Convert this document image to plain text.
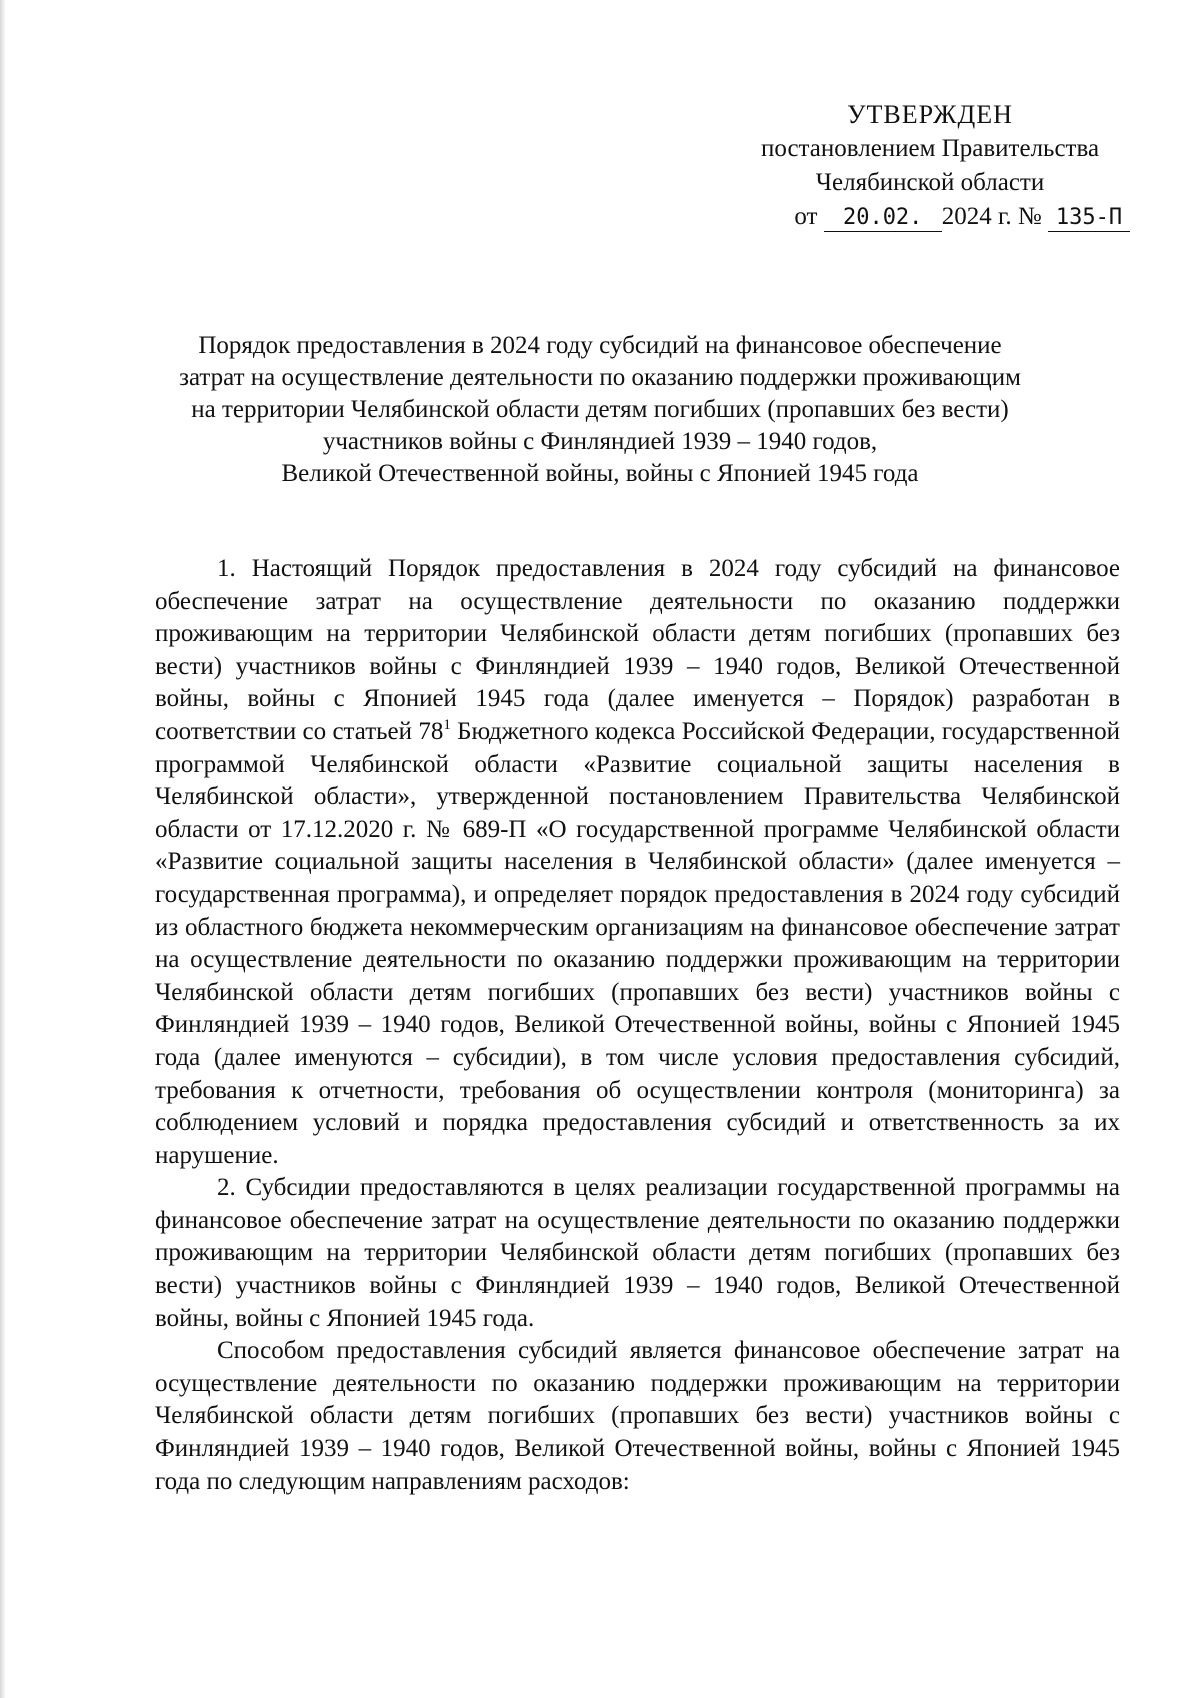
УТВЕРЖДЕН
постановлением Правительства
Челябинской области
от 20.02. 2024 г. № 135-П
Порядок предоставления в 2024 году субсидий на финансовое обеспечение
затрат на осуществление деятельности по оказанию поддержки проживающим
на территории Челябинской области детям погибших (пропавших без вести)
участников войны с Финляндией 1939 – 1940 годов,
Великой Отечественной войны, войны с Японией 1945 года

1. Настоящий Порядок предоставления в 2024 году субсидий на финансовое обеспечение затрат на осуществление деятельности по оказанию поддержки проживающим на территории Челябинской области детям погибших (пропавших без вести) участников войны с Финляндией 1939 – 1940 годов, Великой Отечественной войны, войны с Японией 1945 года (далее именуется – Порядок) разработан в соответствии со статьей $78^1$ Бюджетного кодекса Российской Федерации, государственной программой Челябинской области «Развитие социальной защиты населения в Челябинской области», утвержденной постановлением Правительства Челябинской области от 17.12.2020 г. № 689-П «О государственной программе Челябинской области «Развитие социальной защиты населения в Челябинской области» (далее именуется – государственная программа), и определяет порядок предоставления в 2024 году субсидий из областного бюджета некоммерческим организациям на финансовое обеспечение затрат на осуществление деятельности по оказанию поддержки проживающим на территории Челябинской области детям погибших (пропавших без вести) участников войны с Финляндией 1939 – 1940 годов, Великой Отечественной войны, войны с Японией 1945 года (далее именуются – субсидии), в том числе условия предоставления субсидий, требования к отчетности, требования об осуществлении контроля (мониторинга) за соблюдением условий и порядка предоставления субсидий и ответственность за их нарушение.

2. Субсидии предоставляются в целях реализации государственной программы на финансовое обеспечение затрат на осуществление деятельности по оказанию поддержки проживающим на территории Челябинской области детям погибших (пропавших без вести) участников войны с Финляндией 1939 – 1940 годов, Великой Отечественной войны, войны с Японией 1945 года.

Способом предоставления субсидий является финансовое обеспечение затрат на осуществление деятельности по оказанию поддержки проживающим на территории Челябинской области детям погибших (пропавших без вести) участников войны с Финляндией 1939 – 1940 годов, Великой Отечественной войны, войны с Японией 1945 года по следующим направлениям расходов:
